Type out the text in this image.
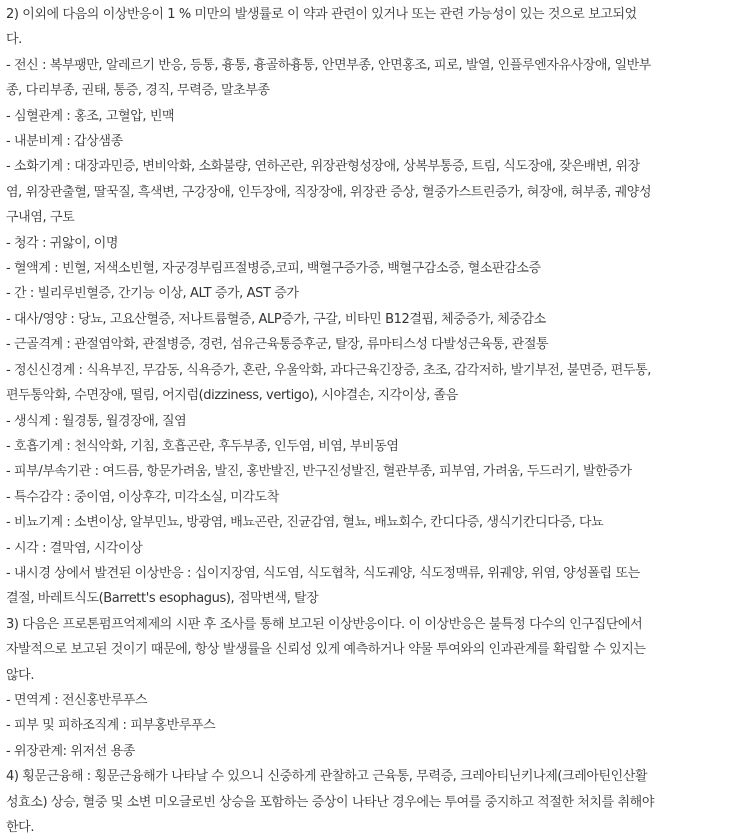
2) 이외에 다음의 이상반응이 1 % 미만의 발생률로 이 약과 관련이 있거나 또는 관련 가능성이 있는 것으로 보고되었
다.
- 전신 : 복부팽만, 알레르기 반응, 등통, 흉통, 흉골하흉통, 안면부종, 안면홍조, 피로, 발열, 인플루엔자유사장애, 일반부
종, 다리부종, 권태, 통증, 경직, 무력증, 말초부종
- 심혈관계 : 홍조, 고혈압, 빈맥
- 내분비계 : 갑상샘종
- 소화기계 : 대장과민증, 변비악화, 소화불량, 연하곤란, 위장관형성장애, 상복부통증, 트림, 식도장애, 잦은배변, 위장
염, 위장관출혈, 딸꾹질, 흑색변, 구강장애, 인두장애, 직장장애, 위장관 증상, 혈중가스트린증가, 혀장애, 혀부종, 궤양성
구내염, 구토
- 청각 : 귀앓이, 이명
- 혈액계 : 빈혈, 저색소빈혈, 자궁경부림프절병증,코피, 백혈구증가증, 백혈구감소증, 혈소판감소증
- 간 : 빌리루빈혈증, 간기능 이상, ALT 증가, AST 증가
- 대사/영양 : 당뇨, 고요산혈증, 저나트륨혈증, ALP증가, 구갈, 비타민 B12결핍, 체중증가, 체중감소
- 근골격계 : 관절염악화, 관절병증, 경련, 섬유근육통증후군, 탈장, 류마티스성 다발성근육통, 관절통
- 정신신경계 : 식욕부진, 무감동, 식욕증가, 혼란, 우울악화, 과다근육긴장증, 초조, 감각저하, 발기부전, 불면증, 편두통,
편두통악화, 수면장애, 떨림, 어지럼(dizziness, vertigo), 시야결손, 지각이상, 졸음
- 생식계 : 월경통, 월경장애, 질염
- 호흡기계 : 천식악화, 기침, 호흡곤란, 후두부종, 인두염, 비염, 부비동염
- 피부/부속기관 : 여드름, 항문가려움, 발진, 홍반발진, 반구진성발진, 혈관부종, 피부염, 가려움, 두드러기, 발한증가
- 특수감각 : 중이염, 이상후각, 미각소실, 미각도착
- 비뇨기계 : 소변이상, 알부민뇨, 방광염, 배뇨곤란, 진균감염, 혈뇨, 배뇨회수, 칸디다증, 생식기칸디다증, 다뇨
- 시각 : 결막염, 시각이상
- 내시경 상에서 발견된 이상반응 : 십이지장염, 식도염, 식도협착, 식도궤양, 식도정맥류, 위궤양, 위염, 양성폴립 또는
결절, 바레트식도(Barrett's esophagus), 점막변색, 탈장
3) 다음은 프로톤펌프억제제의 시판 후 조사를 통해 보고된 이상반응이다. 이 이상반응은 불특정 다수의 인구집단에서
자발적으로 보고된 것이기 때문에, 항상 발생률을 신뢰성 있게 예측하거나 약물 투여와의 인과관계를 확립할 수 있지는
않다.
- 면역계 : 전신홍반루푸스
- 피부 및 피하조직계 : 피부홍반루푸스
- 위장관계: 위저선 용종
4) 횡문근융해 : 횡문근융해가 나타날 수 있으니 신중하게 관찰하고 근육통, 무력증, 크레아티닌키나제(크레아틴인산활
성효소) 상승, 혈중 및 소변 미오글로빈 상승을 포함하는 증상이 나타난 경우에는 투여를 중지하고 적절한 처치를 취해야
한다.
